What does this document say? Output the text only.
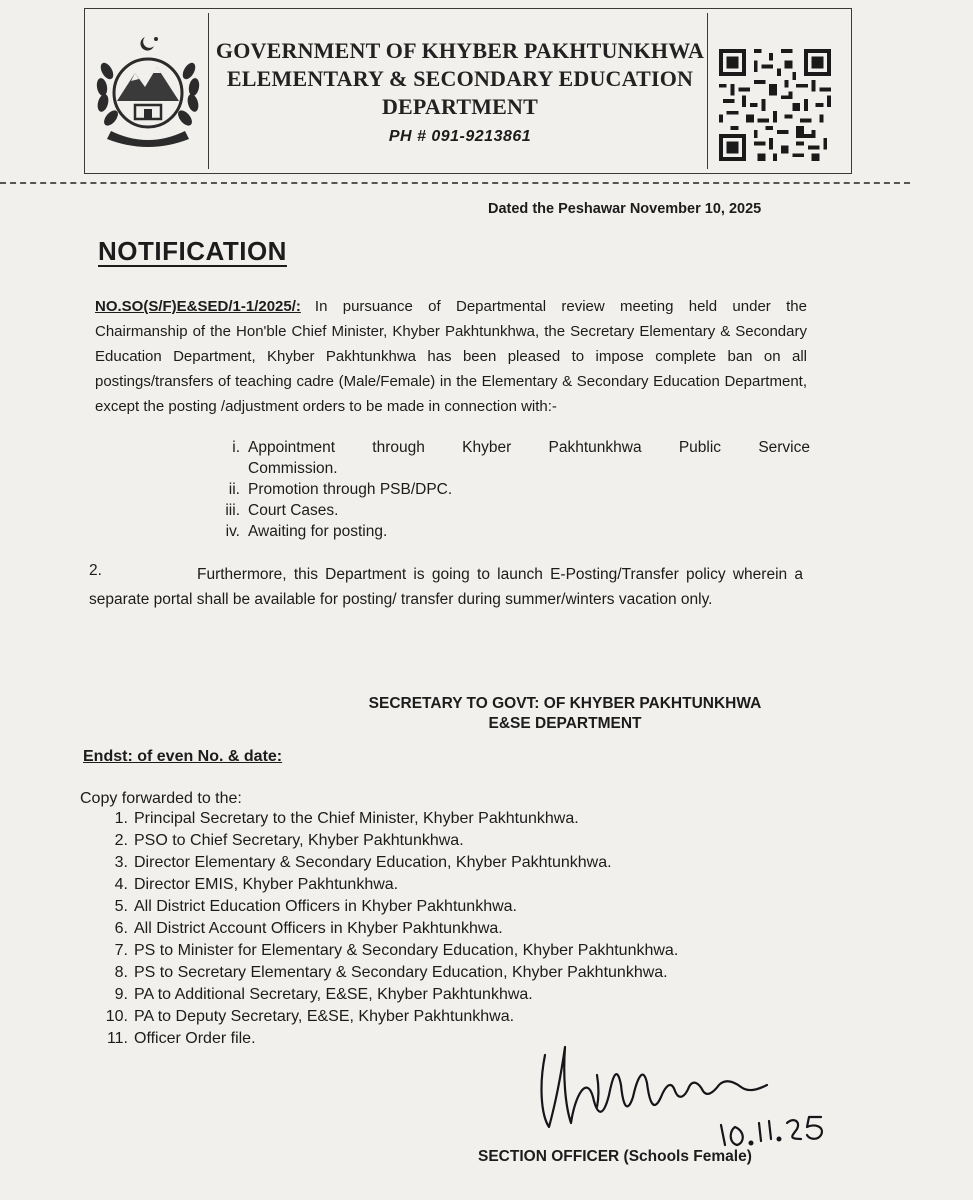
GOVERNMENT OF KHYBER PAKHTUNKHWA
ELEMENTARY & SECONDARY EDUCATION
DEPARTMENT
PH # 091-9213861
Dated the Peshawar November 10, 2025
NOTIFICATION
NO.SO(S/F)E&SED/1-1/2025/: In pursuance of Departmental review meeting held under the Chairmanship of the Hon'ble Chief Minister, Khyber Pakhtunkhwa, the Secretary Elementary & Secondary Education Department, Khyber Pakhtunkhwa has been pleased to impose complete ban on all postings/transfers of teaching cadre (Male/Female) in the Elementary & Secondary Education Department, except the posting /adjustment orders to be made in connection with:-
i. Appointment through Khyber Pakhtunkhwa Public Service
Commission.
ii. Promotion through PSB/DPC.
iii. Court Cases.
iv. Awaiting for posting.
2.	Furthermore, this Department is going to launch E-Posting/Transfer policy wherein a separate portal shall be available for posting/ transfer during summer/winters vacation only.
SECRETARY TO GOVT: OF KHYBER PAKHTUNKHWA
E&SE DEPARTMENT
Endst: of even No. & date:
Copy forwarded to the:
1. Principal Secretary to the Chief Minister, Khyber Pakhtunkhwa.
2. PSO to Chief Secretary, Khyber Pakhtunkhwa.
3. Director Elementary & Secondary Education, Khyber Pakhtunkhwa.
4. Director EMIS, Khyber Pakhtunkhwa.
5. All District Education Officers in Khyber Pakhtunkhwa.
6. All District Account Officers in Khyber Pakhtunkhwa.
7. PS to Minister for Elementary & Secondary Education, Khyber Pakhtunkhwa.
8. PS to Secretary Elementary & Secondary Education, Khyber Pakhtunkhwa.
9. PA to Additional Secretary, E&SE, Khyber Pakhtunkhwa.
10. PA to Deputy Secretary, E&SE, Khyber Pakhtunkhwa.
11. Officer Order file.
SECTION OFFICER (Schools Female)
